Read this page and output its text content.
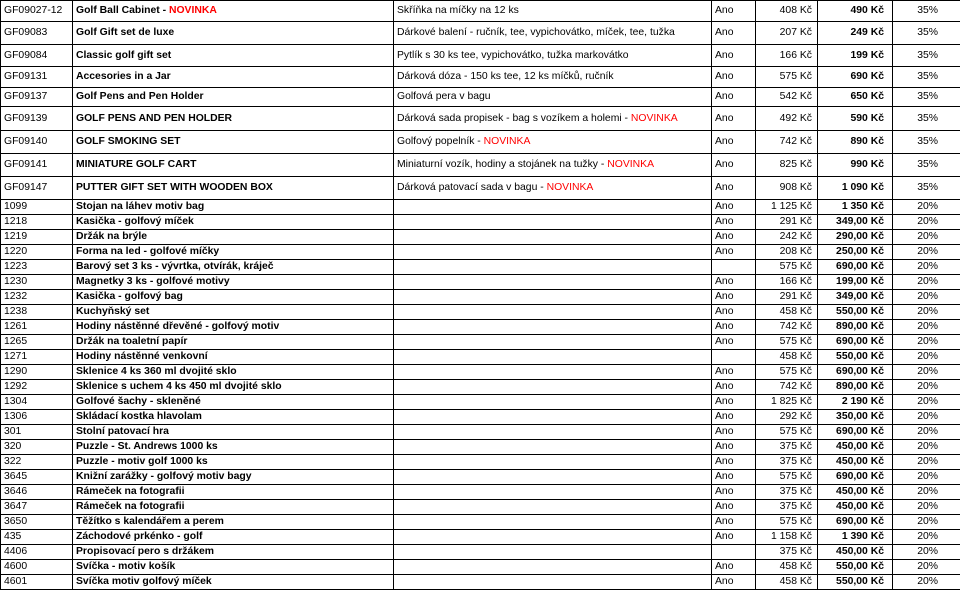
GF09027-12	Golf Ball Cabinet - NOVINKA	Skříňka na míčky na 12 ks	Ano	408 Kč	490 Kč	35%
GF09083	Golf Gift set de luxe	Dárkové balení - ručník, tee, vypichovátko, míček, tee, tužka	Ano	207 Kč	249 Kč	35%
GF09084	Classic golf gift set	Pytlík s 30 ks tee, vypichovátko, tužka markovátko	Ano	166 Kč	199 Kč	35%
GF09131	Accesories in a Jar	Dárková dóza - 150 ks tee, 12 ks míčků, ručník	Ano	575 Kč	690 Kč	35%
GF09137	Golf Pens and Pen Holder	Golfová pera v bagu	Ano	542 Kč	650 Kč	35%
GF09139	GOLF PENS AND PEN HOLDER	Dárková sada propisek - bag s vozíkem a holemi - NOVINKA	Ano	492 Kč	590 Kč	35%
GF09140	GOLF SMOKING SET	Golfový popelník - NOVINKA	Ano	742 Kč	890 Kč	35%
GF09141	MINIATURE GOLF CART	Miniaturní vozík, hodiny a stojánek na tužky - NOVINKA	Ano	825 Kč	990 Kč	35%
GF09147	PUTTER GIFT SET WITH WOODEN BOX	Dárková patovací sada v bagu - NOVINKA	Ano	908 Kč	1 090 Kč	35%
1099	Stojan na láhev motiv bag		Ano	1 125 Kč	1 350 Kč	20%
1218	Kasička - golfový míček		Ano	291 Kč	349,00 Kč	20%
1219	Držák na brýle		Ano	242 Kč	290,00 Kč	20%
1220	Forma na led - golfové míčky		Ano	208 Kč	250,00 Kč	20%
1223	Barový set 3 ks - vývrtka, otvírák, kráječ			575 Kč	690,00 Kč	20%
1230	Magnetky 3 ks - golfové motivy		Ano	166 Kč	199,00 Kč	20%
1232	Kasička - golfový bag		Ano	291 Kč	349,00 Kč	20%
1238	Kuchyňský set		Ano	458 Kč	550,00 Kč	20%
1261	Hodiny nástěnné dřevěné - golfový motiv		Ano	742 Kč	890,00 Kč	20%
1265	Držák na toaletní papír		Ano	575 Kč	690,00 Kč	20%
1271	Hodiny nástěnné venkovní			458 Kč	550,00 Kč	20%
1290	Sklenice 4 ks 360 ml dvojité sklo		Ano	575 Kč	690,00 Kč	20%
1292	Sklenice s uchem 4 ks 450 ml dvojité sklo		Ano	742 Kč	890,00 Kč	20%
1304	Golfové šachy - skleněné		Ano	1 825 Kč	2 190 Kč	20%
1306	Skládací kostka hlavolam		Ano	292 Kč	350,00 Kč	20%
301	Stolní patovací hra		Ano	575 Kč	690,00 Kč	20%
320	Puzzle - St. Andrews 1000 ks		Ano	375 Kč	450,00 Kč	20%
322	Puzzle - motiv golf 1000 ks		Ano	375 Kč	450,00 Kč	20%
3645	Knižní zarážky - golfový motiv bagy		Ano	575 Kč	690,00 Kč	20%
3646	Rámeček na fotografii		Ano	375 Kč	450,00 Kč	20%
3647	Rámeček na fotografii		Ano	375 Kč	450,00 Kč	20%
3650	Těžítko s kalendářem a perem		Ano	575 Kč	690,00 Kč	20%
435	Záchodové prkénko - golf		Ano	1 158 Kč	1 390 Kč	20%
4406	Propisovací pero s držákem			375 Kč	450,00 Kč	20%
4600	Svíčka - motiv košík		Ano	458 Kč	550,00 Kč	20%
4601	Svíčka motiv golfový míček		Ano	458 Kč	550,00 Kč	20%
